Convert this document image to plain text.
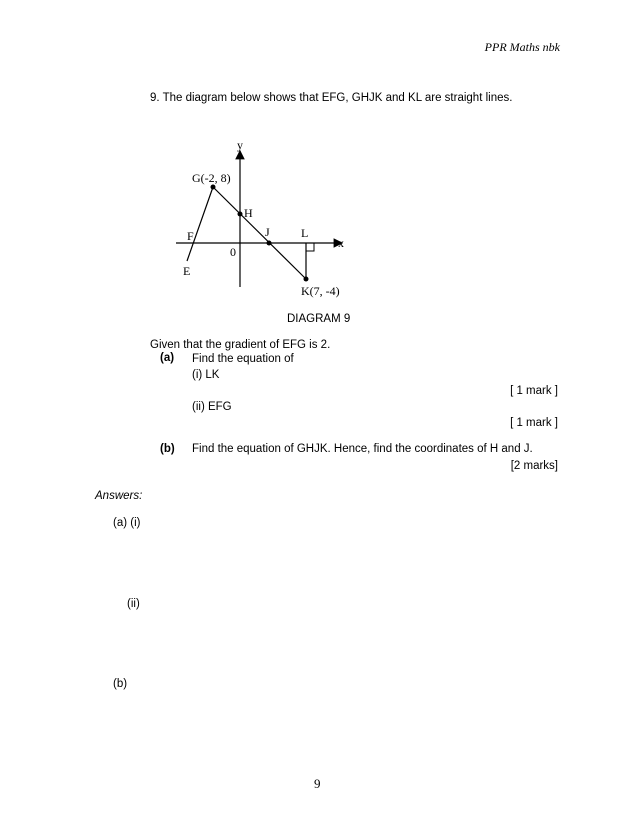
PPR Maths nbk
9. The diagram below shows that EFG, GHJK and KL are straight lines.
y
x
G(-2, 8)
H
F	J	L
0
E
K(7, -4)
DIAGRAM 9
Given that the gradient of EFG is 2.
(a) Find the equation of
(i) LK
[ 1 mark ]
(ii) EFG
[ 1 mark ]
(b) Find the equation of GHJK. Hence, find the coordinates of H and J.
[2 marks]
Answers:
(a) (i)
(ii)
(b)
9
